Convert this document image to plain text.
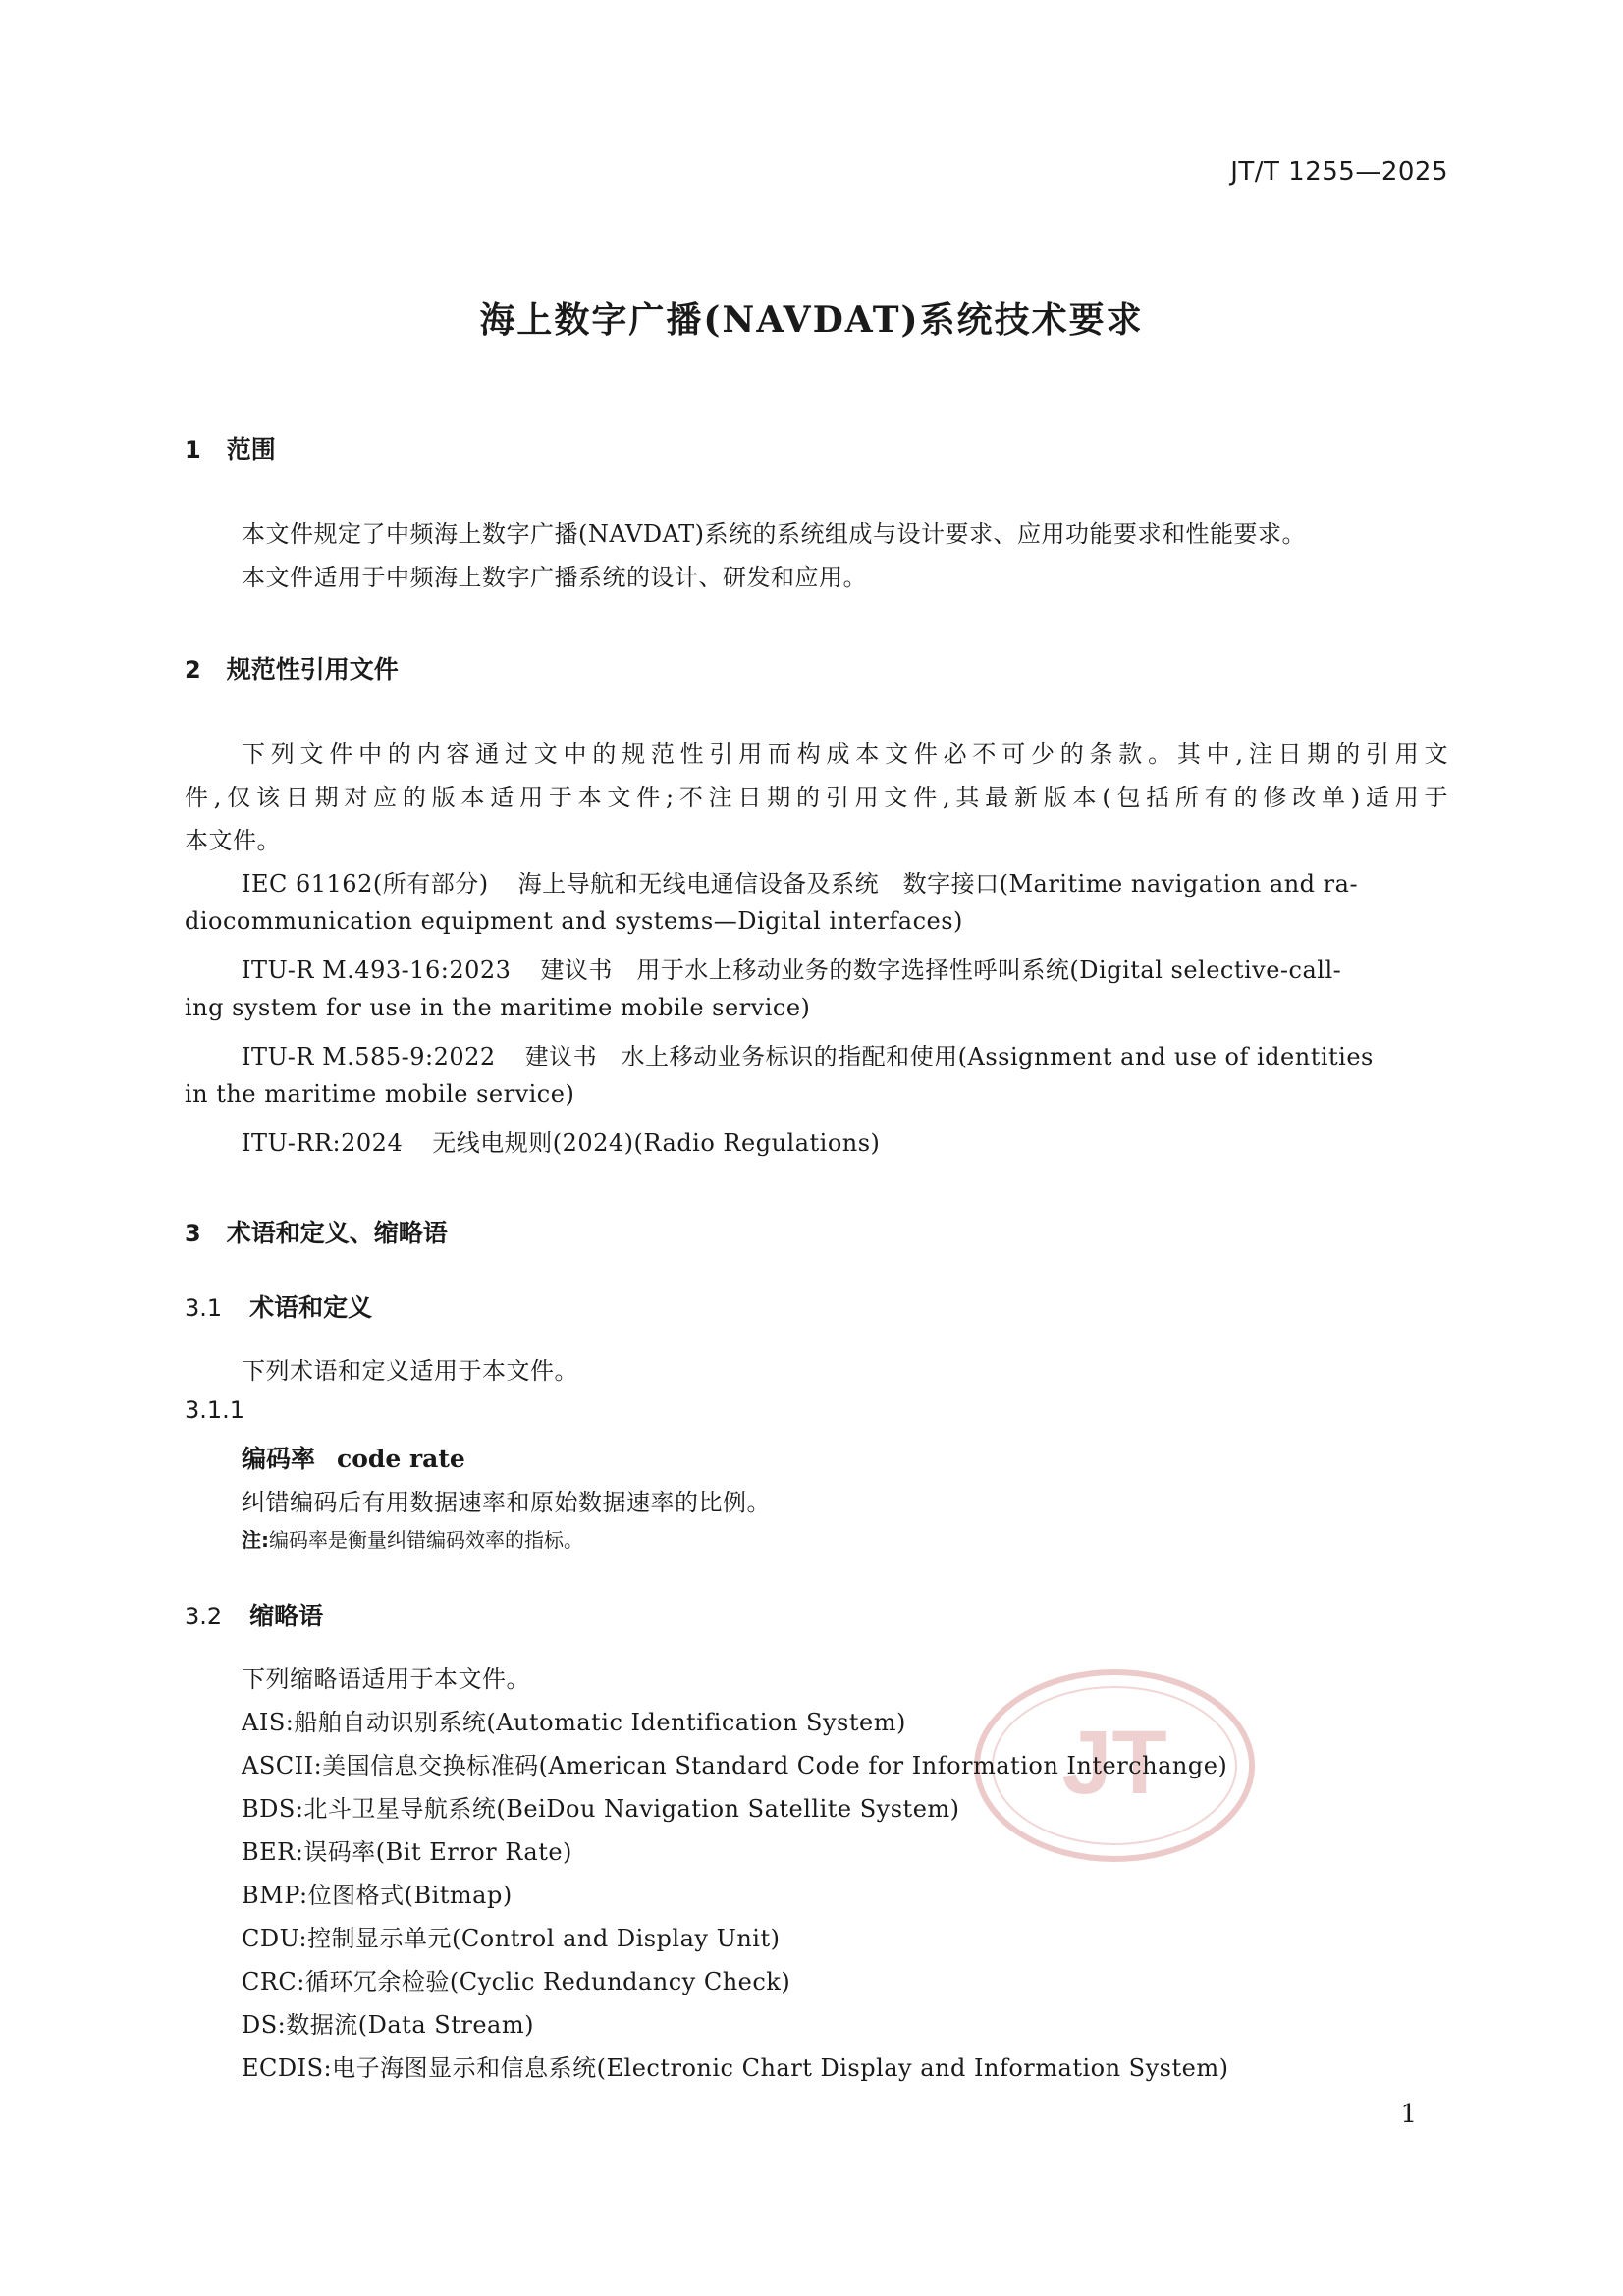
JT/T 1255—2025
海上数字广播(NAVDAT)系统技术要求
1 范围
本文件规定了中频海上数字广播(NAVDAT)系统的系统组成与设计要求、应用功能要求和性能要求。
本文件适用于中频海上数字广播系统的设计、研发和应用。
2 规范性引用文件
下列文件中的内容通过文中的规范性引用而构成本文件必不可少的条款。其中,注日期的引用文
件,仅该日期对应的版本适用于本文件;不注日期的引用文件,其最新版本(包括所有的修改单)适用于
本文件。
IEC 61162(所有部分) 海上导航和无线电通信设备及系统　数字接口(Maritime navigation and ra-
diocommunication equipment and systems—Digital interfaces)
ITU-R M.493-16:2023 建议书　用于水上移动业务的数字选择性呼叫系统(Digital selective-call-
ing system for use in the maritime mobile service)
ITU-R M.585-9:2022 建议书　水上移动业务标识的指配和使用(Assignment and use of identities
in the maritime mobile service)
ITU-RR:2024 无线电规则(2024)(Radio Regulations)
3 术语和定义、缩略语
3.1 术语和定义
下列术语和定义适用于本文件。
3.1.1
编码率 code rate
纠错编码后有用数据速率和原始数据速率的比例。
注:编码率是衡量纠错编码效率的指标。
3.2 缩略语
下列缩略语适用于本文件。
JT
AIS:船舶自动识别系统(Automatic Identification System)
ASCII:美国信息交换标准码(American Standard Code for Information Interchange)
BDS:北斗卫星导航系统(BeiDou Navigation Satellite System)
BER:误码率(Bit Error Rate)
BMP:位图格式(Bitmap)
CDU:控制显示单元(Control and Display Unit)
CRC:循环冗余检验(Cyclic Redundancy Check)
DS:数据流(Data Stream)
ECDIS:电子海图显示和信息系统(Electronic Chart Display and Information System)
1
